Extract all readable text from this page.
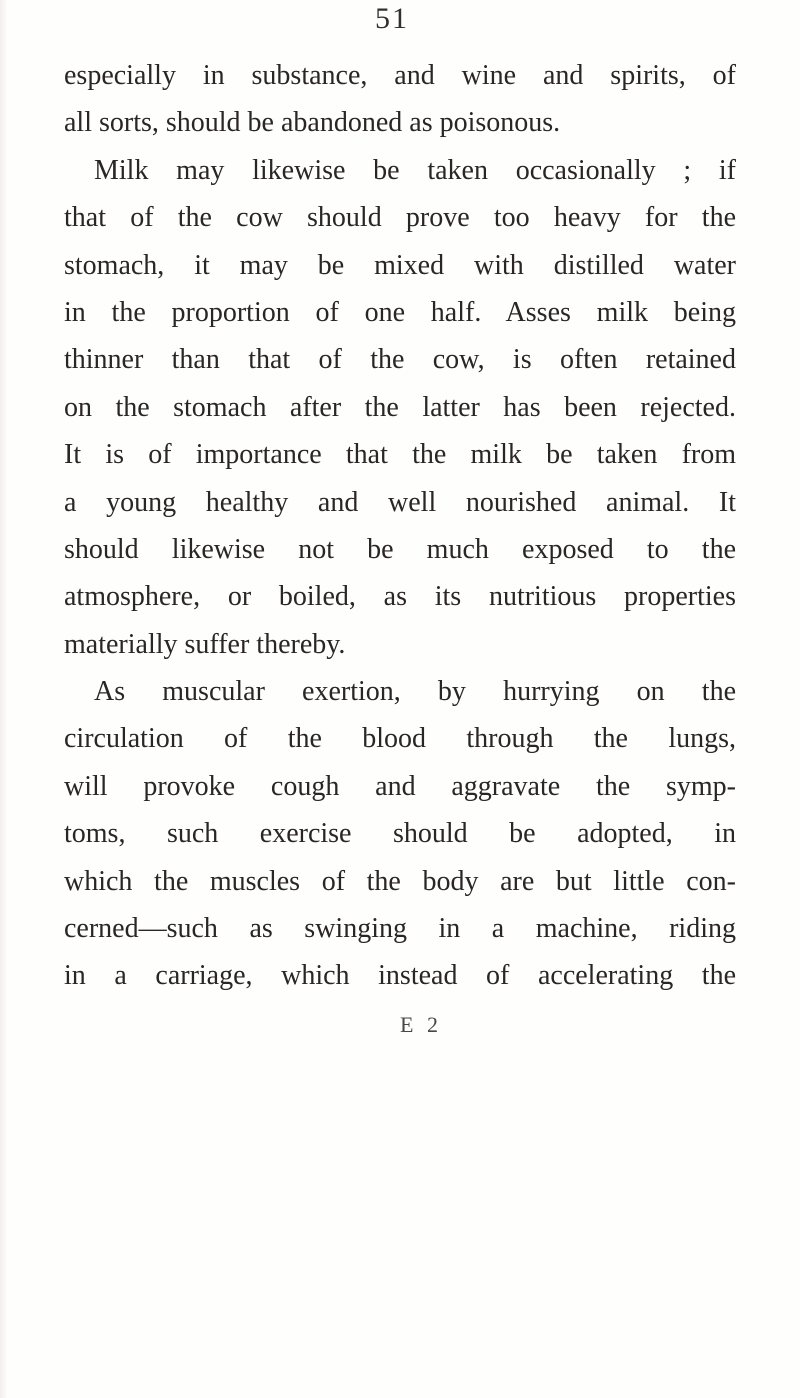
51
especially in substance, and wine and spirits, of
all sorts, should be abandoned as poisonous.
Milk may likewise be taken occasionally ; if
that of the cow should prove too heavy for the
stomach, it may be mixed with distilled water
in the proportion of one half. Asses milk being
thinner than that of the cow, is often retained
on the stomach after the latter has been rejected.
It is of importance that the milk be taken from
a young healthy and well nourished animal. It
should likewise not be much exposed to the
atmosphere, or boiled, as its nutritious properties
materially suffer thereby.
As muscular exertion, by hurrying on the
circulation of the blood through the lungs,
will provoke cough and aggravate the symp-
toms, such exercise should be adopted, in
which the muscles of the body are but little con-
cerned—such as swinging in a machine, riding
in a carriage, which instead of accelerating the
E 2
